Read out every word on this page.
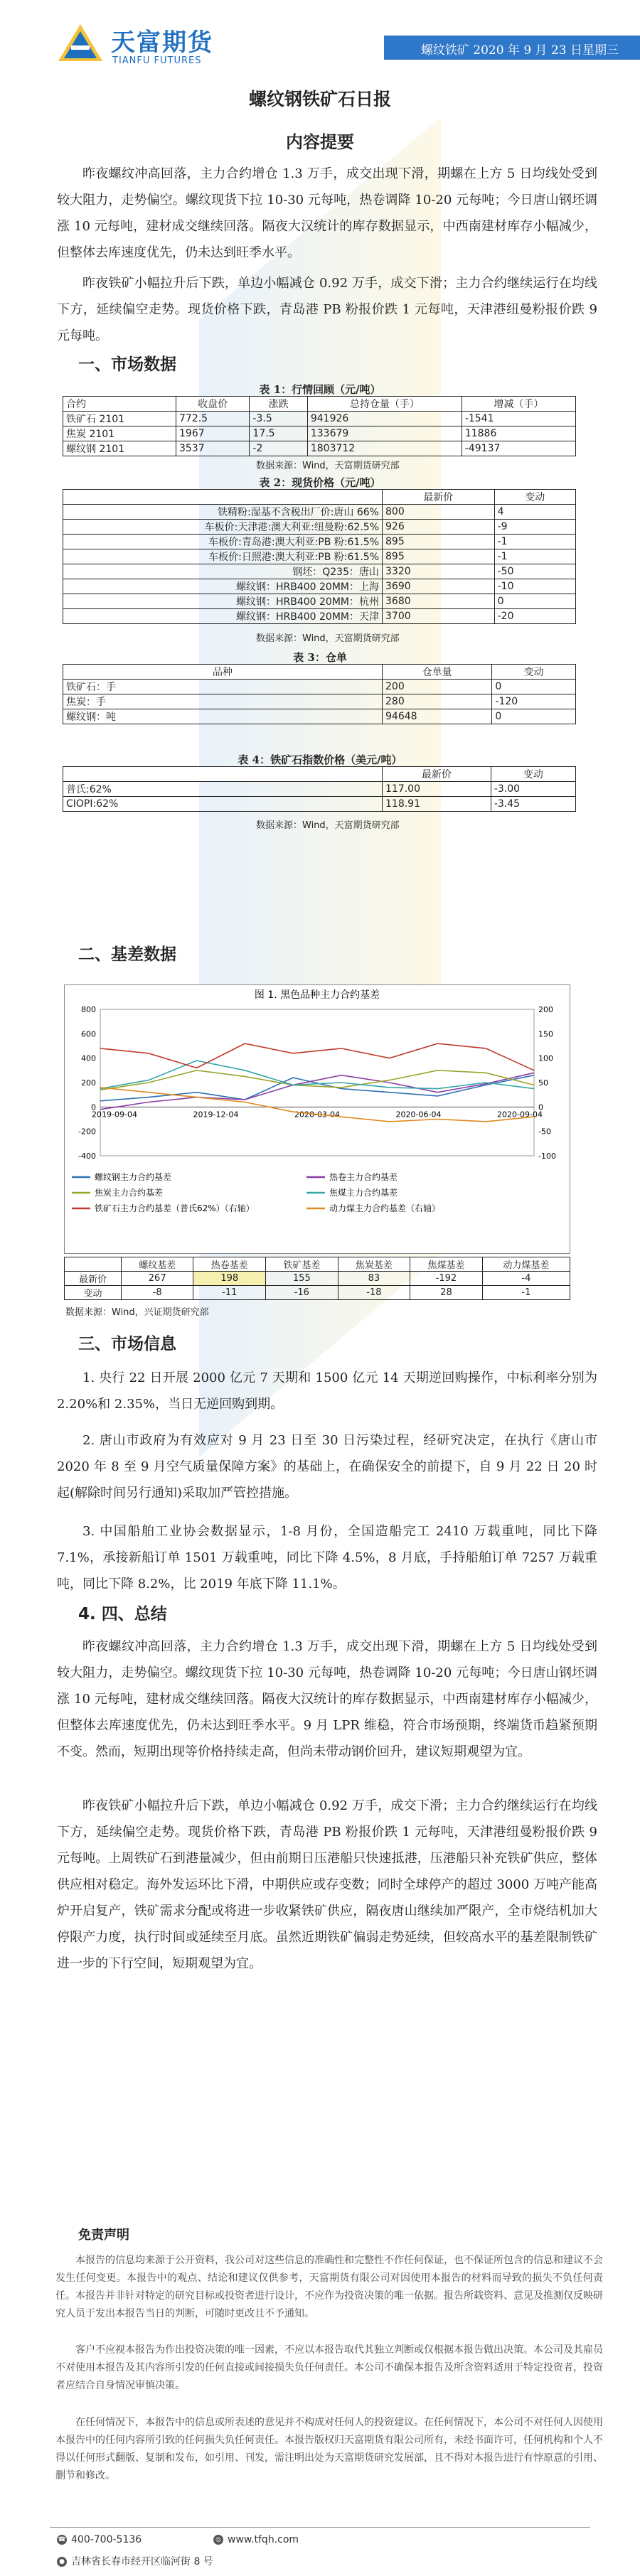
天富期货
TIANFU FUTURES
螺纹铁矿 2020 年 9 月 23 日星期三
螺纹钢铁矿石日报
内容提要
昨夜螺纹冲高回落，主力合约增仓 1.3 万手，成交出现下滑，期螺在上方 5 日均线处受到较大阻力，走势偏空。螺纹现货下拉 10-30 元每吨，热卷调降 10-20 元每吨；今日唐山钢坯调涨 10 元每吨，建材成交继续回落。隔夜大汉统计的库存数据显示，中西南建材库存小幅减少，但整体去库速度优先，仍未达到旺季水平。
昨夜铁矿小幅拉升后下跌，单边小幅减仓 0.92 万手，成交下滑；主力合约继续运行在均线下方，延续偏空走势。现货价格下跌，青岛港 PB 粉报价跌 1 元每吨，天津港纽曼粉报价跌 9 元每吨。
一、市场数据
表 1：行情回顾（元/吨）
合约	收盘价	涨跌	总持仓量（手）	增减（手）
铁矿石 2101	772.5	-3.5	941926	-1541
焦炭 2101	1967	17.5	133679	11886
螺纹钢 2101	3537	-2	1803712	-49137
数据来源：Wind，天富期货研究部
表 2：现货价格（元/吨）
	最新价	变动
铁精粉:湿基不含税出厂价:唐山 66%	800	4
车板价:天津港:澳大利亚:纽曼粉:62.5%	926	-9
车板价:青岛港:澳大利亚:PB 粉:61.5%	895	-1
车板价:日照港:澳大利亚:PB 粉:61.5%	895	-1
钢坯：Q235：唐山	3320	-50
螺纹钢：HRB400 20MM：上海	3690	-10
螺纹钢：HRB400 20MM：杭州	3680	0
螺纹钢：HRB400 20MM：天津	3700	-20
数据来源：Wind，天富期货研究部
表 3：仓单
品种	仓单量	变动
铁矿石：手	200	0
焦炭：手	280	-120
螺纹钢：吨	94648	0
表 4：铁矿石指数价格（美元/吨）
	最新价	变动
普氏:62%	117.00	-3.00
CIOPI:62%	118.91	-3.45
数据来源：Wind，天富期货研究部
二、基差数据
图 1. 黑色品种主力合约基差
800
600
400
200
0
-200
-400
200
150
100
50
0
-50
-100
2019-09-04	2019-12-04	2020-03-04	2020-06-04	2020-09-04
螺纹钢主力合约基差	热卷主力合约基差
焦炭主力合约基差	焦煤主力合约基差
铁矿石主力合约基差（普氏62%）（右轴）	动力煤主力合约基差（右轴）
	螺纹基差	热卷基差	铁矿基差	焦炭基差	焦煤基差	动力煤基差
最新价	267	198	155	83	-192	-4
变动	-8	-11	-16	-18	28	-1
数据来源：Wind，兴证期货研究部
三、市场信息
1. 央行 22 日开展 2000 亿元 7 天期和 1500 亿元 14 天期逆回购操作，中标利率分别为 2.20%和 2.35%，当日无逆回购到期。
2. 唐山市政府为有效应对 9 月 23 日至 30 日污染过程，经研究决定，在执行《唐山市 2020 年 8 至 9 月空气质量保障方案》的基础上，在确保安全的前提下，自 9 月 22 日 20 时起(解除时间另行通知)采取加严管控措施。
3. 中国船舶工业协会数据显示，1-8 月份，全国造船完工 2410 万载重吨，同比下降 7.1%，承接新船订单 1501 万载重吨，同比下降 4.5%，8 月底，手持船舶订单 7257 万载重吨，同比下降 8.2%，比 2019 年底下降 11.1%。
4. 四、总结
昨夜螺纹冲高回落，主力合约增仓 1.3 万手，成交出现下滑，期螺在上方 5 日均线处受到较大阻力，走势偏空。螺纹现货下拉 10-30 元每吨，热卷调降 10-20 元每吨；今日唐山钢坯调涨 10 元每吨，建材成交继续回落。隔夜大汉统计的库存数据显示，中西南建材库存小幅减少，但整体去库速度优先，仍未达到旺季水平。9 月 LPR 维稳，符合市场预期，终端货币趋紧预期不变。然而，短期出现等价格持续走高，但尚未带动钢价回升，建议短期观望为宜。
昨夜铁矿小幅拉升后下跌，单边小幅减仓 0.92 万手，成交下滑；主力合约继续运行在均线下方，延续偏空走势。现货价格下跌，青岛港 PB 粉报价跌 1 元每吨，天津港纽曼粉报价跌 9 元每吨。上周铁矿石到港量减少，但由前期日压港船只快速抵港，压港船只补充铁矿供应，整体供应相对稳定。海外发运环比下滑，中期供应或存变数；同时全球停产的超过 3000 万吨产能高炉开启复产，铁矿需求分配或将进一步收紧铁矿供应，隔夜唐山继续加严限产，全市烧结机加大停限产力度，执行时间或延续至月底。虽然近期铁矿偏弱走势延续，但较高水平的基差限制铁矿进一步的下行空间，短期观望为宜。
免责声明
本报告的信息均来源于公开资料，我公司对这些信息的准确性和完整性不作任何保证，也不保证所包含的信息和建议不会发生任何变更。本报告中的观点、结论和建议仅供参考，天富期货有限公司对因使用本报告的材料而导致的损失不负任何责任。本报告并非针对特定的研究目标或投资者进行设计，不应作为投资决策的唯一依据。报告所载资料、意见及推测仅反映研究人员于发出本报告当日的判断，可随时更改且不予通知。
客户不应视本报告为作出投资决策的唯一因素，不应以本报告取代其独立判断或仅根据本报告做出决策。本公司及其雇员不对使用本报告及其内容所引发的任何直接或间接损失负任何责任。本公司不确保本报告及所含资料适用于特定投资者，投资者应结合自身情况审慎决策。
在任何情况下，本报告中的信息或所表述的意见并不构成对任何人的投资建议。在任何情况下，本公司不对任何人因使用本报告中的任何内容所引致的任何损失负任何责任。本报告版权归天富期货有限公司所有，未经书面许可，任何机构和个人不得以任何形式翻版、复制和发布，如引用、刊发，需注明出处为天富期货研究发展部，且不得对本报告进行有悖原意的引用、删节和修改。
☎ 400-700-5136	◎ www.tfqh.com
● 吉林省长春市经开区临河街 8 号
